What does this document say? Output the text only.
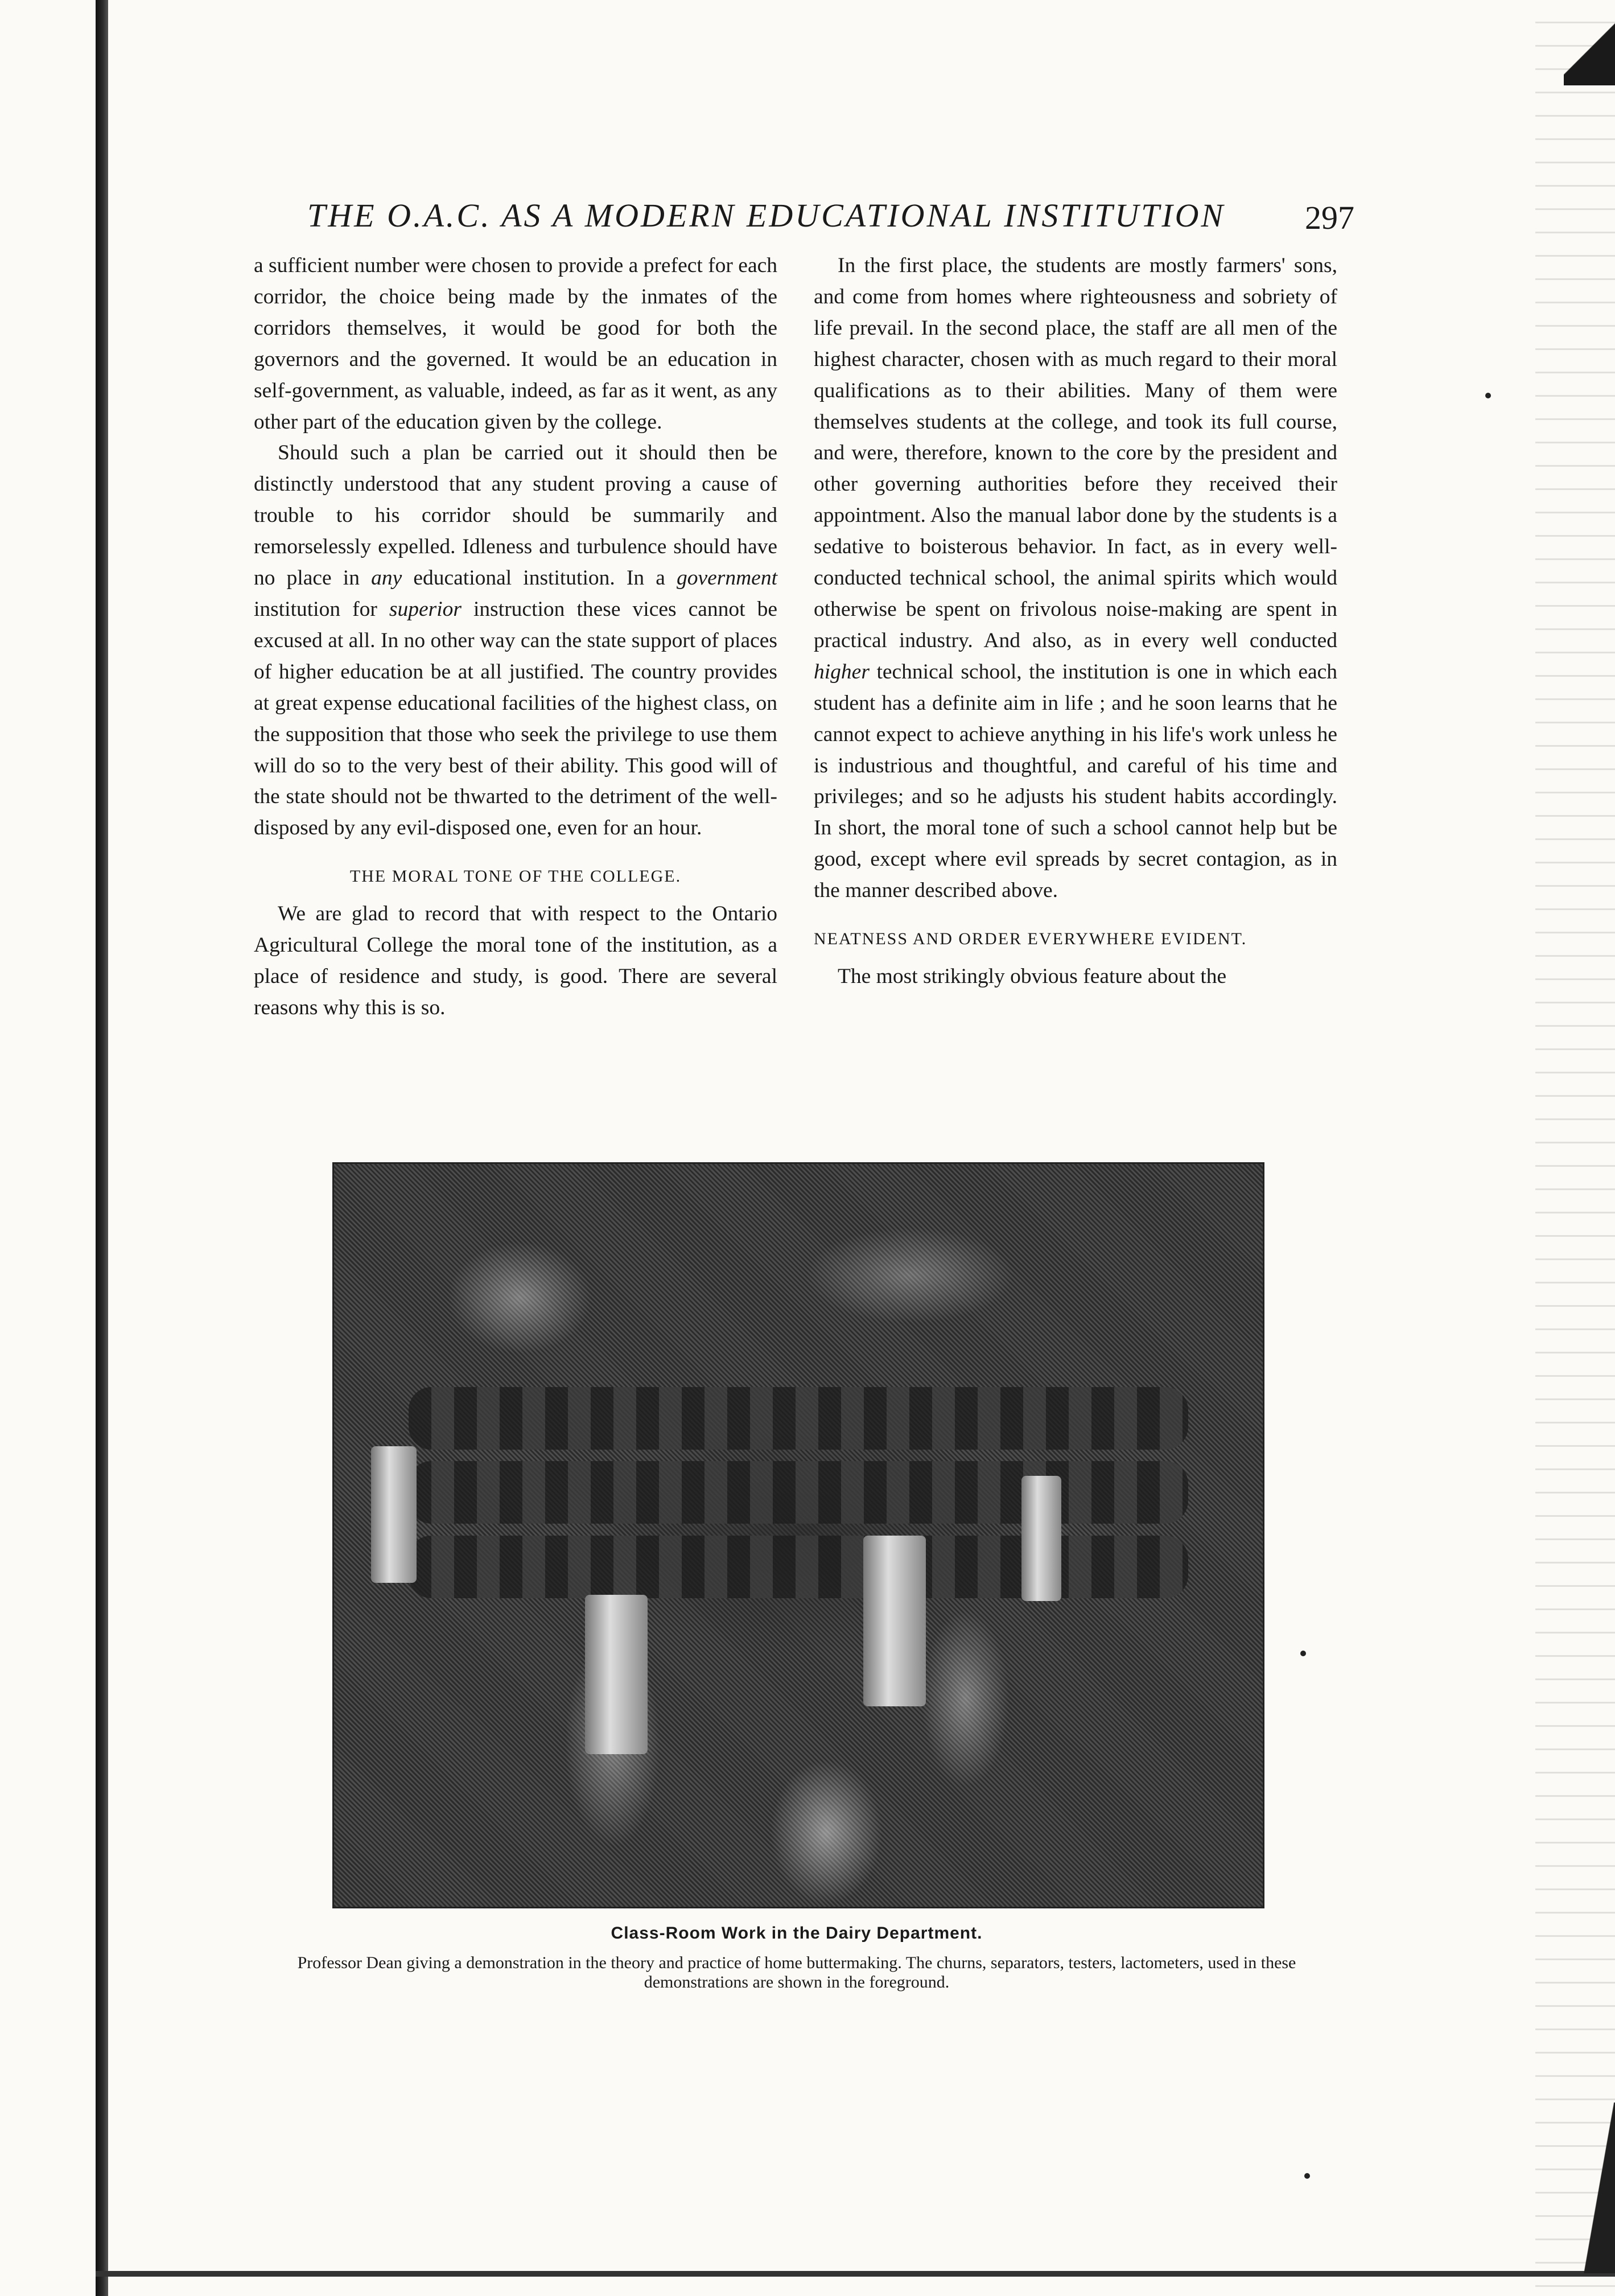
THE O.A.C. AS A MODERN EDUCATIONAL INSTITUTION 297

a sufficient number were chosen to provide a prefect for each corridor, the choice being made by the inmates of the corridors themselves, it would be good for both the governors and the governed. It would be an education in self-government, as valuable, indeed, as far as it went, as any other part of the education given by the college.

Should such a plan be carried out it should then be distinctly understood that any student proving a cause of trouble to his corridor should be summarily and remorselessly expelled. Idleness and turbulence should have no place in any educational institution. In a government institution for superior instruction these vices cannot be excused at all. In no other way can the state support of places of higher education be at all justified. The country provides at great expense educational facilities of the highest class, on the supposition that those who seek the privilege to use them will do so to the very best of their ability. This good will of the state should not be thwarted to the detriment of the well-disposed by any evil-disposed one, even for an hour.

THE MORAL TONE OF THE COLLEGE.

We are glad to record that with respect to the Ontario Agricultural College the moral tone of the institution, as a place of residence and study, is good. There are several reasons why this is so.

In the first place, the students are mostly farmers' sons, and come from homes where righteousness and sobriety of life prevail. In the second place, the staff are all men of the highest character, chosen with as much regard to their moral qualifications as to their abilities. Many of them were themselves students at the college, and took its full course, and were, therefore, known to the core by the president and other governing authorities before they received their appointment. Also the manual labor done by the students is a sedative to boisterous behavior. In fact, as in every well-conducted technical school, the animal spirits which would otherwise be spent on frivolous noise-making are spent in practical industry. And also, as in every well conducted higher technical school, the institution is one in which each student has a definite aim in life ; and he soon learns that he cannot expect to achieve anything in his life's work unless he is industrious and thoughtful, and careful of his time and privileges; and so he adjusts his student habits accordingly. In short, the moral tone of such a school cannot help but be good, except where evil spreads by secret contagion, as in the manner described above.

NEATNESS AND ORDER EVERYWHERE EVIDENT.

The most strikingly obvious feature about the

Class-Room Work in the Dairy Department.
Professor Dean giving a demonstration in the theory and practice of home buttermaking. The churns, separators, testers, lactometers, used in these demonstrations are shown in the foreground.
